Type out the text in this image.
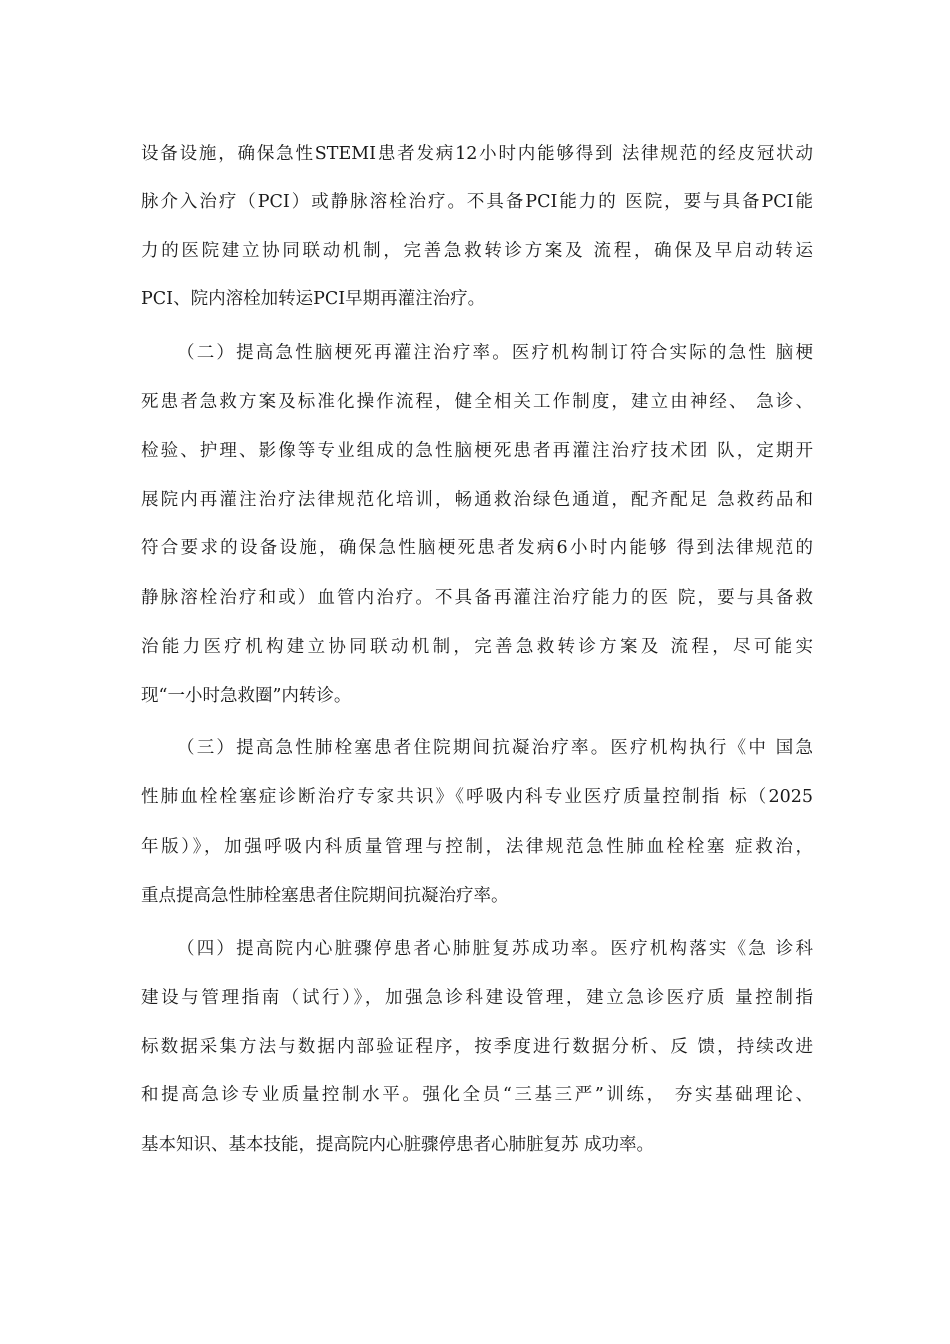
设备设施，确保急性STEMI患者发病12小时内能够得到 法律规范的经皮冠状动
脉介入治疗（PCI）或静脉溶栓治疗。不具备PCI能力的 医院，要与具备PCI能
力的医院建立协同联动机制，完善急救转诊方案及 流程，确保及早启动转运
PCI、院内溶栓加转运PCI早期再灌注治疗。
（二）提高急性脑梗死再灌注治疗率。医疗机构制订符合实际的急性 脑梗
死患者急救方案及标准化操作流程，健全相关工作制度，建立由神经、 急诊、
检验、护理、影像等专业组成的急性脑梗死患者再灌注治疗技术团 队，定期开
展院内再灌注治疗法律规范化培训，畅通救治绿色通道，配齐配足 急救药品和
符合要求的设备设施，确保急性脑梗死患者发病6小时内能够 得到法律规范的
静脉溶栓治疗和或）血管内治疗。不具备再灌注治疗能力的医 院，要与具备救
治能力医疗机构建立协同联动机制，完善急救转诊方案及 流程，尽可能实
现“一小时急救圈”内转诊。
（三）提高急性肺栓塞患者住院期间抗凝治疗率。医疗机构执行《中 国急
性肺血栓栓塞症诊断治疗专家共识》《呼吸内科专业医疗质量控制指 标（2025
年版）》，加强呼吸内科质量管理与控制，法律规范急性肺血栓栓塞 症救治，
重点提高急性肺栓塞患者住院期间抗凝治疗率。
（四）提高院内心脏骤停患者心肺脏复苏成功率。医疗机构落实《急 诊科
建设与管理指南（试行）》，加强急诊科建设管理，建立急诊医疗质 量控制指
标数据采集方法与数据内部验证程序，按季度进行数据分析、反 馈，持续改进
和提高急诊专业质量控制水平。强化全员“三基三严”训练， 夯实基础理论、
基本知识、基本技能，提高院内心脏骤停患者心肺脏复苏 成功率。
